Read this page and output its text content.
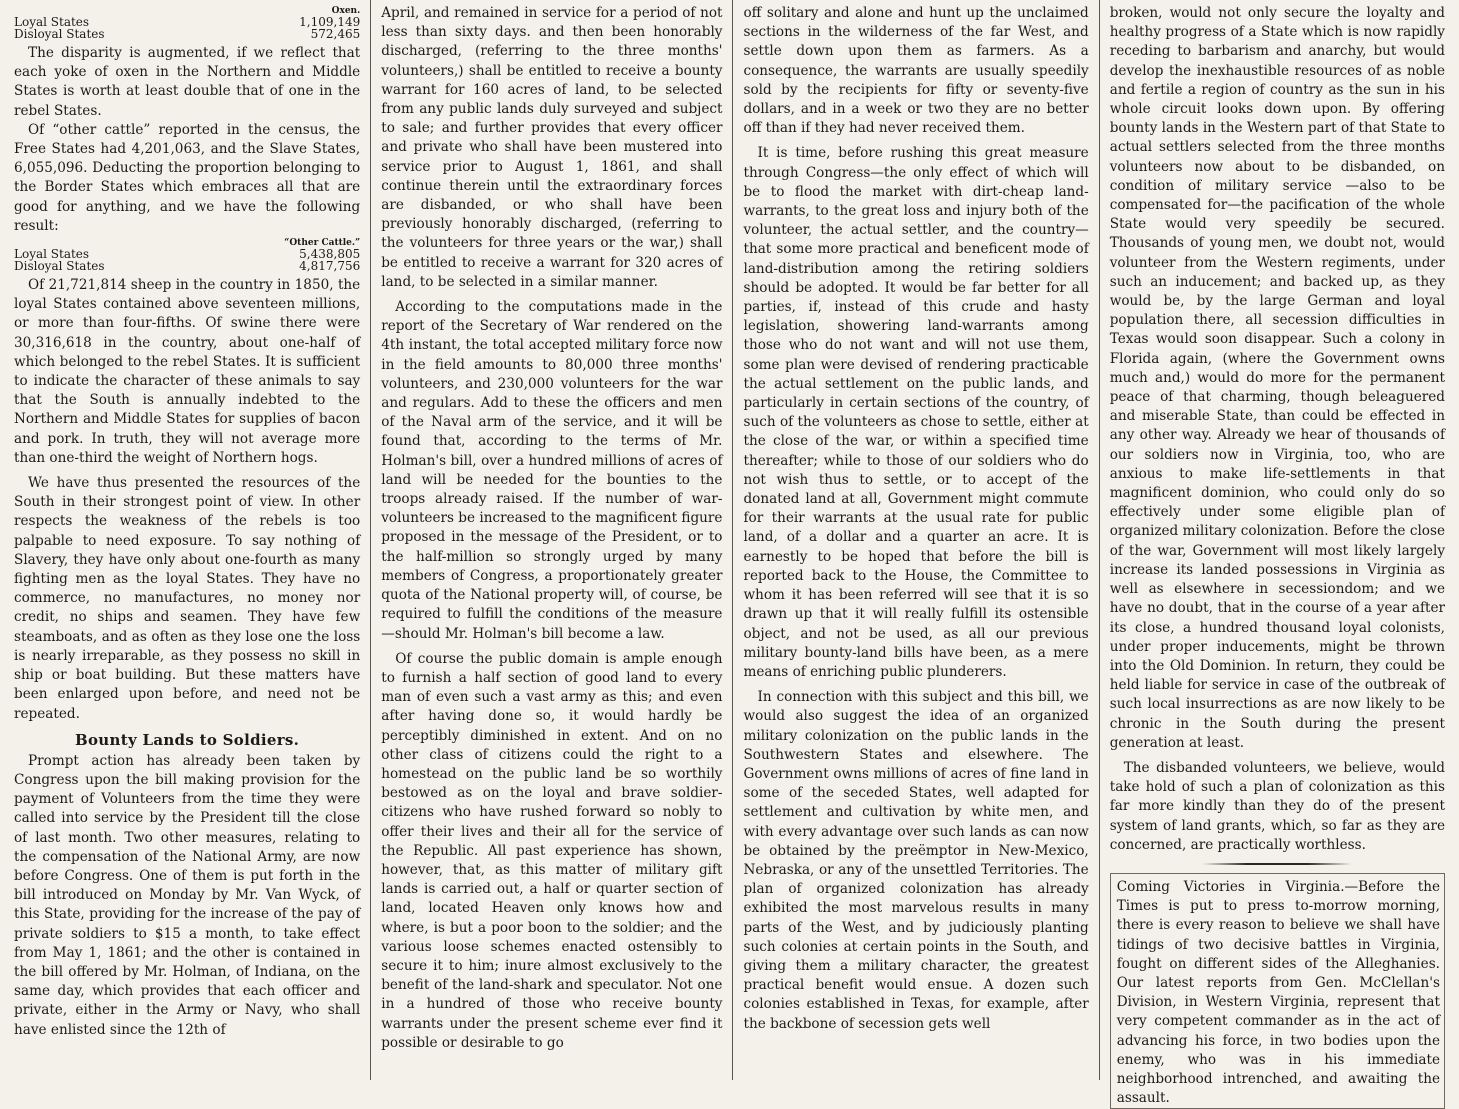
Oxen.
Loyal States	1,109,149
Disloyal States	572,465

The disparity is augmented, if we reflect that each yoke of oxen in the Northern and Middle States is worth at least double that of one in the rebel States.

Of “other cattle” reported in the census, the Free States had 4,201,063, and the Slave States, 6,055,096. Deducting the proportion belonging to the Border States which embraces all that are good for anything, and we have the following result:

“Other Cattle.”
Loyal States	5,438,805
Disloyal States	4,817,756

Of 21,721,814 sheep in the country in 1850, the loyal States contained above seventeen millions, or more than four-fifths. Of swine there were 30,316,618 in the country, about one-half of which belonged to the rebel States. It is sufficient to indicate the character of these animals to say that the South is annually indebted to the Northern and Middle States for supplies of bacon and pork. In truth, they will not average more than one-third the weight of Northern hogs.

We have thus presented the resources of the South in their strongest point of view. In other respects the weakness of the rebels is too palpable to need exposure. To say nothing of Slavery, they have only about one-fourth as many fighting men as the loyal States. They have no commerce, no manufactures, no money nor credit, no ships and seamen. They have few steamboats, and as often as they lose one the loss is nearly irreparable, as they possess no skill in ship or boat building. But these matters have been enlarged upon before, and need not be repeated.

Bounty Lands to Soldiers.

Prompt action has already been taken by Congress upon the bill making provision for the payment of Volunteers from the time they were called into service by the President till the close of last month. Two other measures, relating to the compensation of the National Army, are now before Congress. One of them is put forth in the bill introduced on Monday by Mr. Van Wyck, of this State, providing for the increase of the pay of private soldiers to $15 a month, to take effect from May 1, 1861; and the other is contained in the bill offered by Mr. Holman, of Indiana, on the same day, which provides that each officer and private, either in the Army or Navy, who shall have enlisted since the 12th of

April, and remained in service for a period of not less than sixty days. and then been honorably discharged, (referring to the three months' volunteers,) shall be entitled to receive a bounty warrant for 160 acres of land, to be selected from any public lands duly surveyed and subject to sale; and further provides that every officer and private who shall have been mustered into service prior to August 1, 1861, and shall continue therein until the extraordinary forces are disbanded, or who shall have been previously honorably discharged, (referring to the volunteers for three years or the war,) shall be entitled to receive a warrant for 320 acres of land, to be selected in a similar manner.

According to the computations made in the report of the Secretary of War rendered on the 4th instant, the total accepted military force now in the field amounts to 80,000 three months' volunteers, and 230,000 volunteers for the war and regulars. Add to these the officers and men of the Naval arm of the service, and it will be found that, according to the terms of Mr. Holman's bill, over a hundred millions of acres of land will be needed for the bounties to the troops already raised. If the number of war-volunteers be increased to the magnificent figure proposed in the message of the President, or to the half-million so strongly urged by many members of Congress, a proportionately greater quota of the National property will, of course, be required to fulfill the conditions of the measure—should Mr. Holman's bill become a law.

Of course the public domain is ample enough to furnish a half section of good land to every man of even such a vast army as this; and even after having done so, it would hardly be perceptibly diminished in extent. And on no other class of citizens could the right to a homestead on the public land be so worthily bestowed as on the loyal and brave soldier-citizens who have rushed forward so nobly to offer their lives and their all for the service of the Republic. All past experience has shown, however, that, as this matter of military gift lands is carried out, a half or quarter section of land, located Heaven only knows how and where, is but a poor boon to the soldier; and the various loose schemes enacted ostensibly to secure it to him; inure almost exclusively to the benefit of the land-shark and speculator. Not one in a hundred of those who receive bounty warrants under the present scheme ever find it possible or desirable to go

off solitary and alone and hunt up the unclaimed sections in the wilderness of the far West, and settle down upon them as farmers. As a consequence, the warrants are usually speedily sold by the recipients for fifty or seventy-five dollars, and in a week or two they are no better off than if they had never received them.

It is time, before rushing this great measure through Congress—the only effect of which will be to flood the market with dirt-cheap land-warrants, to the great loss and injury both of the volunteer, the actual settler, and the country—that some more practical and beneficent mode of land-distribution among the retiring soldiers should be adopted. It would be far better for all parties, if, instead of this crude and hasty legislation, showering land-warrants among those who do not want and will not use them, some plan were devised of rendering practicable the actual settlement on the public lands, and particularly in certain sections of the country, of such of the volunteers as chose to settle, either at the close of the war, or within a specified time thereafter; while to those of our soldiers who do not wish thus to settle, or to accept of the donated land at all, Government might commute for their warrants at the usual rate for public land, of a dollar and a quarter an acre. It is earnestly to be hoped that before the bill is reported back to the House, the Committee to whom it has been referred will see that it is so drawn up that it will really fulfill its ostensible object, and not be used, as all our previous military bounty-land bills have been, as a mere means of enriching public plunderers.

In connection with this subject and this bill, we would also suggest the idea of an organized military colonization on the public lands in the Southwestern States and elsewhere. The Government owns millions of acres of fine land in some of the seceded States, well adapted for settlement and cultivation by white men, and with every advantage over such lands as can now be obtained by the preëmptor in New-Mexico, Nebraska, or any of the unsettled Territories. The plan of organized colonization has already exhibited the most marvelous results in many parts of the West, and by judiciously planting such colonies at certain points in the South, and giving them a military character, the greatest practical benefit would ensue. A dozen such colonies established in Texas, for example, after the backbone of secession gets well

broken, would not only secure the loyalty and healthy progress of a State which is now rapidly receding to barbarism and anarchy, but would develop the inexhaustible resources of as noble and fertile a region of country as the sun in his whole circuit looks down upon. By offering bounty lands in the Western part of that State to actual settlers selected from the three months volunteers now about to be disbanded, on condition of military service —also to be compensated for—the pacification of the whole State would very speedily be secured. Thousands of young men, we doubt not, would volunteer from the Western regiments, under such an inducement; and backed up, as they would be, by the large German and loyal population there, all secession difficulties in Texas would soon disappear. Such a colony in Florida again, (where the Government owns much and,) would do more for the permanent peace of that charming, though beleaguered and miserable State, than could be effected in any other way. Already we hear of thousands of our soldiers now in Virginia, too, who are anxious to make life-settlements in that magnificent dominion, who could only do so effectively under some eligible plan of organized military colonization. Before the close of the war, Government will most likely largely increase its landed possessions in Virginia as well as elsewhere in secessiondom; and we have no doubt, that in the course of a year after its close, a hundred thousand loyal colonists, under proper inducements, might be thrown into the Old Dominion. In return, they could be held liable for service in case of the outbreak of such local insurrections as are now likely to be chronic in the South during the present generation at least.

The disbanded volunteers, we believe, would take hold of such a plan of colonization as this far more kindly than they do of the present system of land grants, which, so far as they are concerned, are practically worthless.

Coming Victories in Virginia.—Before the Times is put to press to-morrow morning, there is every reason to believe we shall have tidings of two decisive battles in Virginia, fought on different sides of the Alleghanies. Our latest reports from Gen. McClellan's Division, in Western Virginia, represent that very competent commander as in the act of advancing his force, in two bodies upon the enemy, who was in his immediate neighborhood intrenched, and awaiting the assault.
